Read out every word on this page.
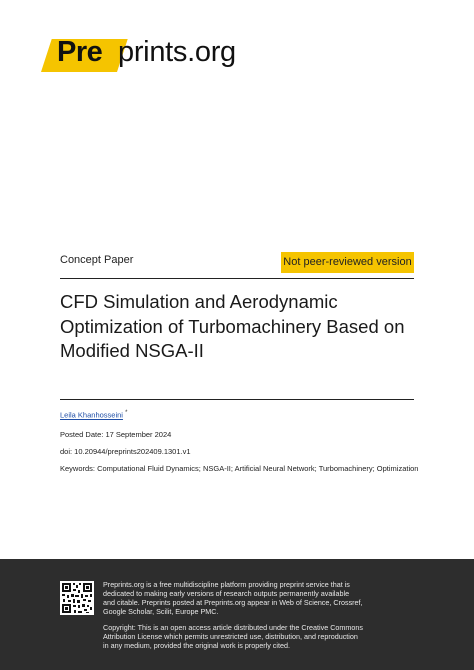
Pre prints.org
Concept Paper	Not peer-reviewed version
CFD Simulation and Aerodynamic Optimization of Turbomachinery Based on Modified NSGA-II
Leila Khanhosseini *
Posted Date: 17 September 2024
doi: 10.20944/preprints202409.1301.v1
Keywords: Computational Fluid Dynamics; NSGA-II; Artificial Neural Network; Turbomachinery; Optimization
Preprints.org is a free multidiscipline platform providing preprint service that is dedicated to making early versions of research outputs permanently available and citable. Preprints posted at Preprints.org appear in Web of Science, Crossref, Google Scholar, Scilit, Europe PMC.
Copyright: This is an open access article distributed under the Creative Commons Attribution License which permits unrestricted use, distribution, and reproduction in any medium, provided the original work is properly cited.
